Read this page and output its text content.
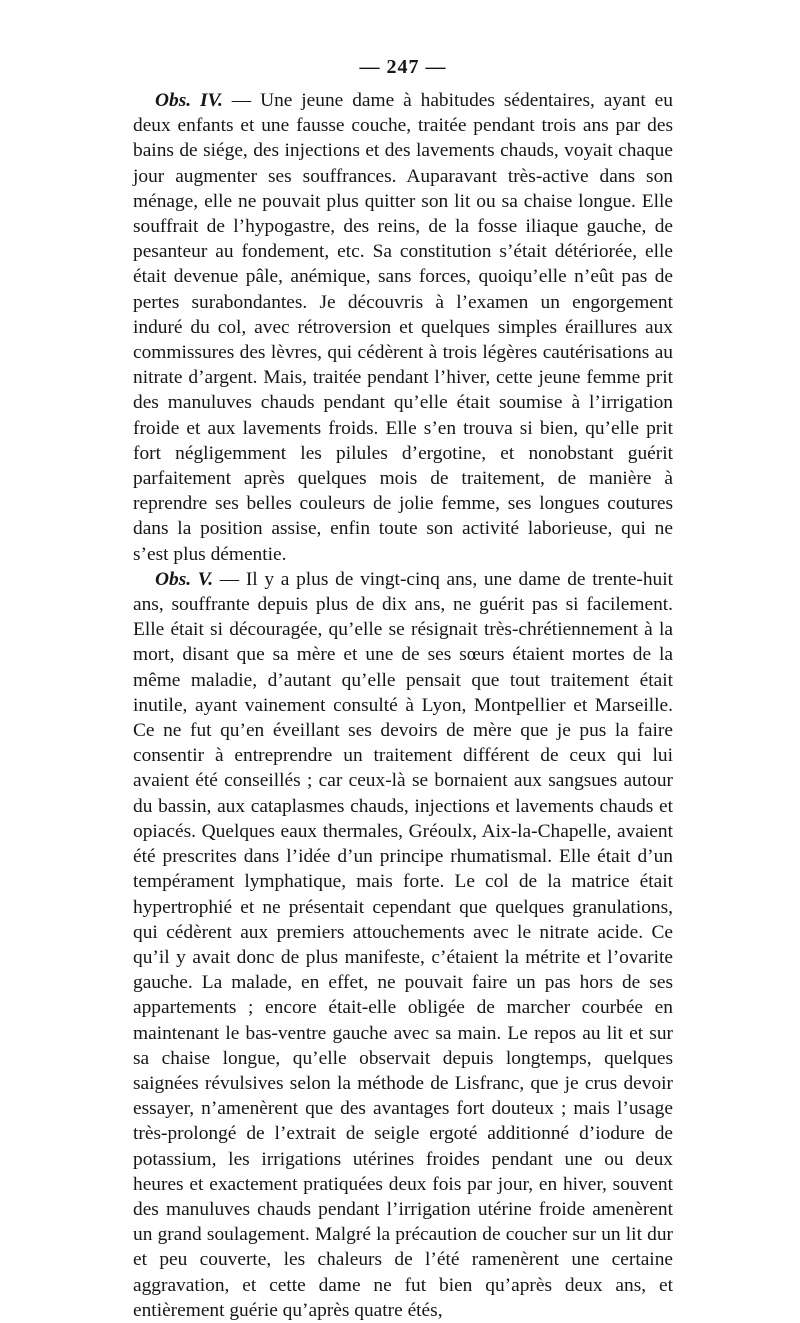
— 247 —

Obs. IV. — Une jeune dame à habitudes sédentaires, ayant eu deux enfants et une fausse couche, traitée pendant trois ans par des bains de siége, des injections et des lavements chauds, voyait chaque jour augmenter ses souffrances. Auparavant très-active dans son ménage, elle ne pouvait plus quitter son lit ou sa chaise longue. Elle souffrait de l’hypogastre, des reins, de la fosse iliaque gauche, de pesanteur au fondement, etc. Sa constitution s’était détériorée, elle était devenue pâle, anémique, sans forces, quoiqu’elle n’eût pas de pertes surabondantes. Je découvris à l’examen un engorgement induré du col, avec rétroversion et quelques simples éraillures aux commissures des lèvres, qui cédèrent à trois légères cautérisations au nitrate d’argent. Mais, traitée pendant l’hiver, cette jeune femme prit des manuluves chauds pendant qu’elle était soumise à l’irrigation froide et aux lavements froids. Elle s’en trouva si bien, qu’elle prit fort négligemment les pilules d’ergotine, et nonobstant guérit parfaitement après quelques mois de traitement, de manière à reprendre ses belles couleurs de jolie femme, ses longues coutures dans la position assise, enfin toute son activité laborieuse, qui ne s’est plus démentie.

Obs. V. — Il y a plus de vingt-cinq ans, une dame de trente-huit ans, souffrante depuis plus de dix ans, ne guérit pas si facilement. Elle était si découragée, qu’elle se résignait très-chrétiennement à la mort, disant que sa mère et une de ses sœurs étaient mortes de la même maladie, d’autant qu’elle pensait que tout traitement était inutile, ayant vainement consulté à Lyon, Montpellier et Marseille. Ce ne fut qu’en éveillant ses devoirs de mère que je pus la faire consentir à entreprendre un traitement différent de ceux qui lui avaient été conseillés ; car ceux-là se bornaient aux sangsues autour du bassin, aux cataplasmes chauds, injections et lavements chauds et opiacés. Quelques eaux thermales, Gréoulx, Aix-la-Chapelle, avaient été prescrites dans l’idée d’un principe rhumatismal. Elle était d’un tempérament lymphatique, mais forte. Le col de la matrice était hypertrophié et ne présentait cependant que quelques granulations, qui cédèrent aux premiers attouchements avec le nitrate acide. Ce qu’il y avait donc de plus manifeste, c’étaient la métrite et l’ovarite gauche. La malade, en effet, ne pouvait faire un pas hors de ses appartements ; encore était-elle obligée de marcher courbée en maintenant le bas-ventre gauche avec sa main. Le repos au lit et sur sa chaise longue, qu’elle observait depuis longtemps, quelques saignées révulsives selon la méthode de Lisfranc, que je crus devoir essayer, n’amenèrent que des avantages fort douteux ; mais l’usage très-prolongé de l’extrait de seigle ergoté additionné d’iodure de potassium, les irrigations utérines froides pendant une ou deux heures et exactement pratiquées deux fois par jour, en hiver, souvent des manuluves chauds pendant l’irrigation utérine froide amenèrent un grand soulagement. Malgré la précaution de coucher sur un lit dur et peu couverte, les chaleurs de l’été ramenèrent une certaine aggravation, et cette dame ne fut bien qu’après deux ans, et entièrement guérie qu’après quatre étés,
